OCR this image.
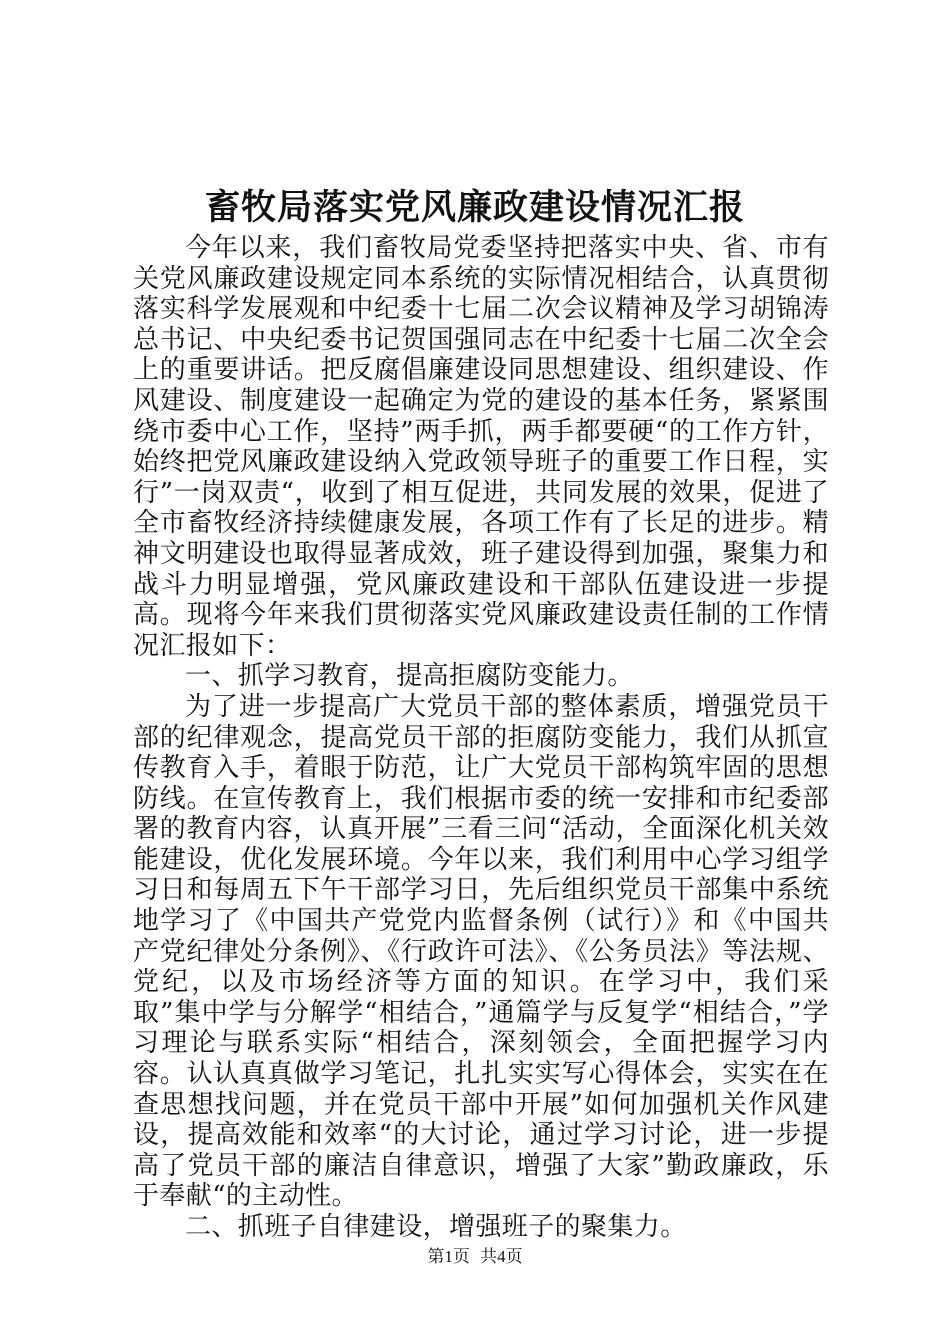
畜牧局落实党风廉政建设情况汇报

今年以来，我们畜牧局党委坚持把落实中央、省、市有关党风廉政建设规定同本系统的实际情况相结合，认真贯彻落实科学发展观和中纪委十七届二次会议精神及学习胡锦涛总书记、中央纪委书记贺国强同志在中纪委十七届二次全会上的重要讲话。把反腐倡廉建设同思想建设、组织建设、作风建设、制度建设一起确定为党的建设的基本任务，紧紧围绕市委中心工作，坚持”两手抓，两手都要硬“的工作方针，始终把党风廉政建设纳入党政领导班子的重要工作日程，实行”一岗双责“，收到了相互促进，共同发展的效果，促进了全市畜牧经济持续健康发展，各项工作有了长足的进步。精神文明建设也取得显著成效，班子建设得到加强，聚集力和战斗力明显增强，党风廉政建设和干部队伍建设进一步提高。现将今年来我们贯彻落实党风廉政建设责任制的工作情况汇报如下：

一、抓学习教育，提高拒腐防变能力。

为了进一步提高广大党员干部的整体素质，增强党员干部的纪律观念，提高党员干部的拒腐防变能力，我们从抓宣传教育入手，着眼于防范，让广大党员干部构筑牢固的思想防线。在宣传教育上，我们根据市委的统一安排和市纪委部署的教育内容，认真开展”三看三问“活动，全面深化机关效能建设，优化发展环境。今年以来，我们利用中心学习组学习日和每周五下午干部学习日，先后组织党员干部集中系统地学习了《中国共产党党内监督条例（试行）》和《中国共产党纪律处分条例》、《行政许可法》、《公务员法》等法规、党纪，以及市场经济等方面的知识。在学习中，我们采取”集中学与分解学“相结合，”通篇学与反复学“相结合，”学习理论与联系实际“相结合，深刻领会，全面把握学习内容。认认真真做学习笔记，扎扎实实写心得体会，实实在在查思想找问题，并在党员干部中开展”如何加强机关作风建设，提高效能和效率“的大讨论，通过学习讨论，进一步提高了党员干部的廉洁自律意识，增强了大家”勤政廉政，乐于奉献“的主动性。

二、抓班子自律建设，增强班子的聚集力。

第1页 共4页
